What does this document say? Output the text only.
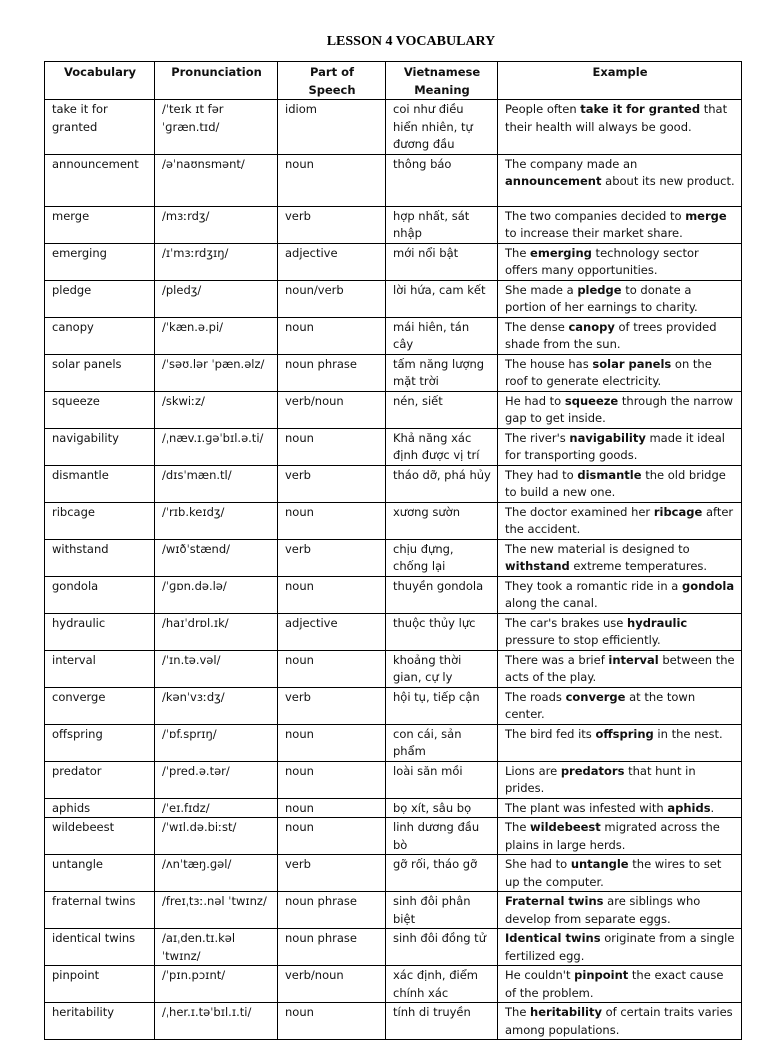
LESSON 4 VOCABULARY
Vocabulary	Pronunciation	Part of Speech	Vietnamese Meaning	Example
take it for granted	/ˈteɪk ɪt fər ˈɡræn.tɪd/	idiom	coi như điều hiển nhiên, tự đương đầu	People often take it for granted that their health will always be good.
announcement	/əˈnaʊnsmənt/	noun	thông báo	The company made an announcement about its new product.
merge	/mɜːrdʒ/	verb	hợp nhất, sát nhập	The two companies decided to merge to increase their market share.
emerging	/ɪˈmɜːrdʒɪŋ/	adjective	mới nổi bật	The emerging technology sector offers many opportunities.
pledge	/pledʒ/	noun/verb	lời hứa, cam kết	She made a pledge to donate a portion of her earnings to charity.
canopy	/ˈkæn.ə.pi/	noun	mái hiên, tán cây	The dense canopy of trees provided shade from the sun.
solar panels	/ˈsəʊ.lər ˈpæn.əlz/	noun phrase	tấm năng lượng mặt trời	The house has solar panels on the roof to generate electricity.
squeeze	/skwiːz/	verb/noun	nén, siết	He had to squeeze through the narrow gap to get inside.
navigability	/ˌnæv.ɪ.ɡəˈbɪl.ə.ti/	noun	Khả năng xác định được vị trí	The river's navigability made it ideal for transporting goods.
dismantle	/dɪsˈmæn.tl/	verb	tháo dỡ, phá hủy	They had to dismantle the old bridge to build a new one.
ribcage	/ˈrɪb.keɪdʒ/	noun	xương sườn	The doctor examined her ribcage after the accident.
withstand	/wɪðˈstænd/	verb	chịu đựng, chống lại	The new material is designed to withstand extreme temperatures.
gondola	/ˈɡɒn.də.lə/	noun	thuyền gondola	They took a romantic ride in a gondola along the canal.
hydraulic	/haɪˈdrɒl.ɪk/	adjective	thuộc thủy lực	The car's brakes use hydraulic pressure to stop efficiently.
interval	/ˈɪn.tə.vəl/	noun	khoảng thời gian, cự ly	There was a brief interval between the acts of the play.
converge	/kənˈvɜːdʒ/	verb	hội tụ, tiếp cận	The roads converge at the town center.
offspring	/ˈɒf.sprɪŋ/	noun	con cái, sản phẩm	The bird fed its offspring in the nest.
predator	/ˈpred.ə.tər/	noun	loài săn mồi	Lions are predators that hunt in prides.
aphids	/ˈeɪ.fɪdz/	noun	bọ xít, sâu bọ	The plant was infested with aphids.
wildebeest	/ˈwɪl.də.biːst/	noun	linh dương đầu bò	The wildebeest migrated across the plains in large herds.
untangle	/ʌnˈtæŋ.ɡəl/	verb	gỡ rối, tháo gỡ	She had to untangle the wires to set up the computer.
fraternal twins	/freɪˌtɜː.nəl ˈtwɪnz/	noun phrase	sinh đôi phân biệt	Fraternal twins are siblings who develop from separate eggs.
identical twins	/aɪˌden.tɪ.kəl ˈtwɪnz/	noun phrase	sinh đôi đồng tử	Identical twins originate from a single fertilized egg.
pinpoint	/ˈpɪn.pɔɪnt/	verb/noun	xác định, điểm chính xác	He couldn't pinpoint the exact cause of the problem.
heritability	/ˌher.ɪ.təˈbɪl.ɪ.ti/	noun	tính di truyền	The heritability of certain traits varies among populations.
